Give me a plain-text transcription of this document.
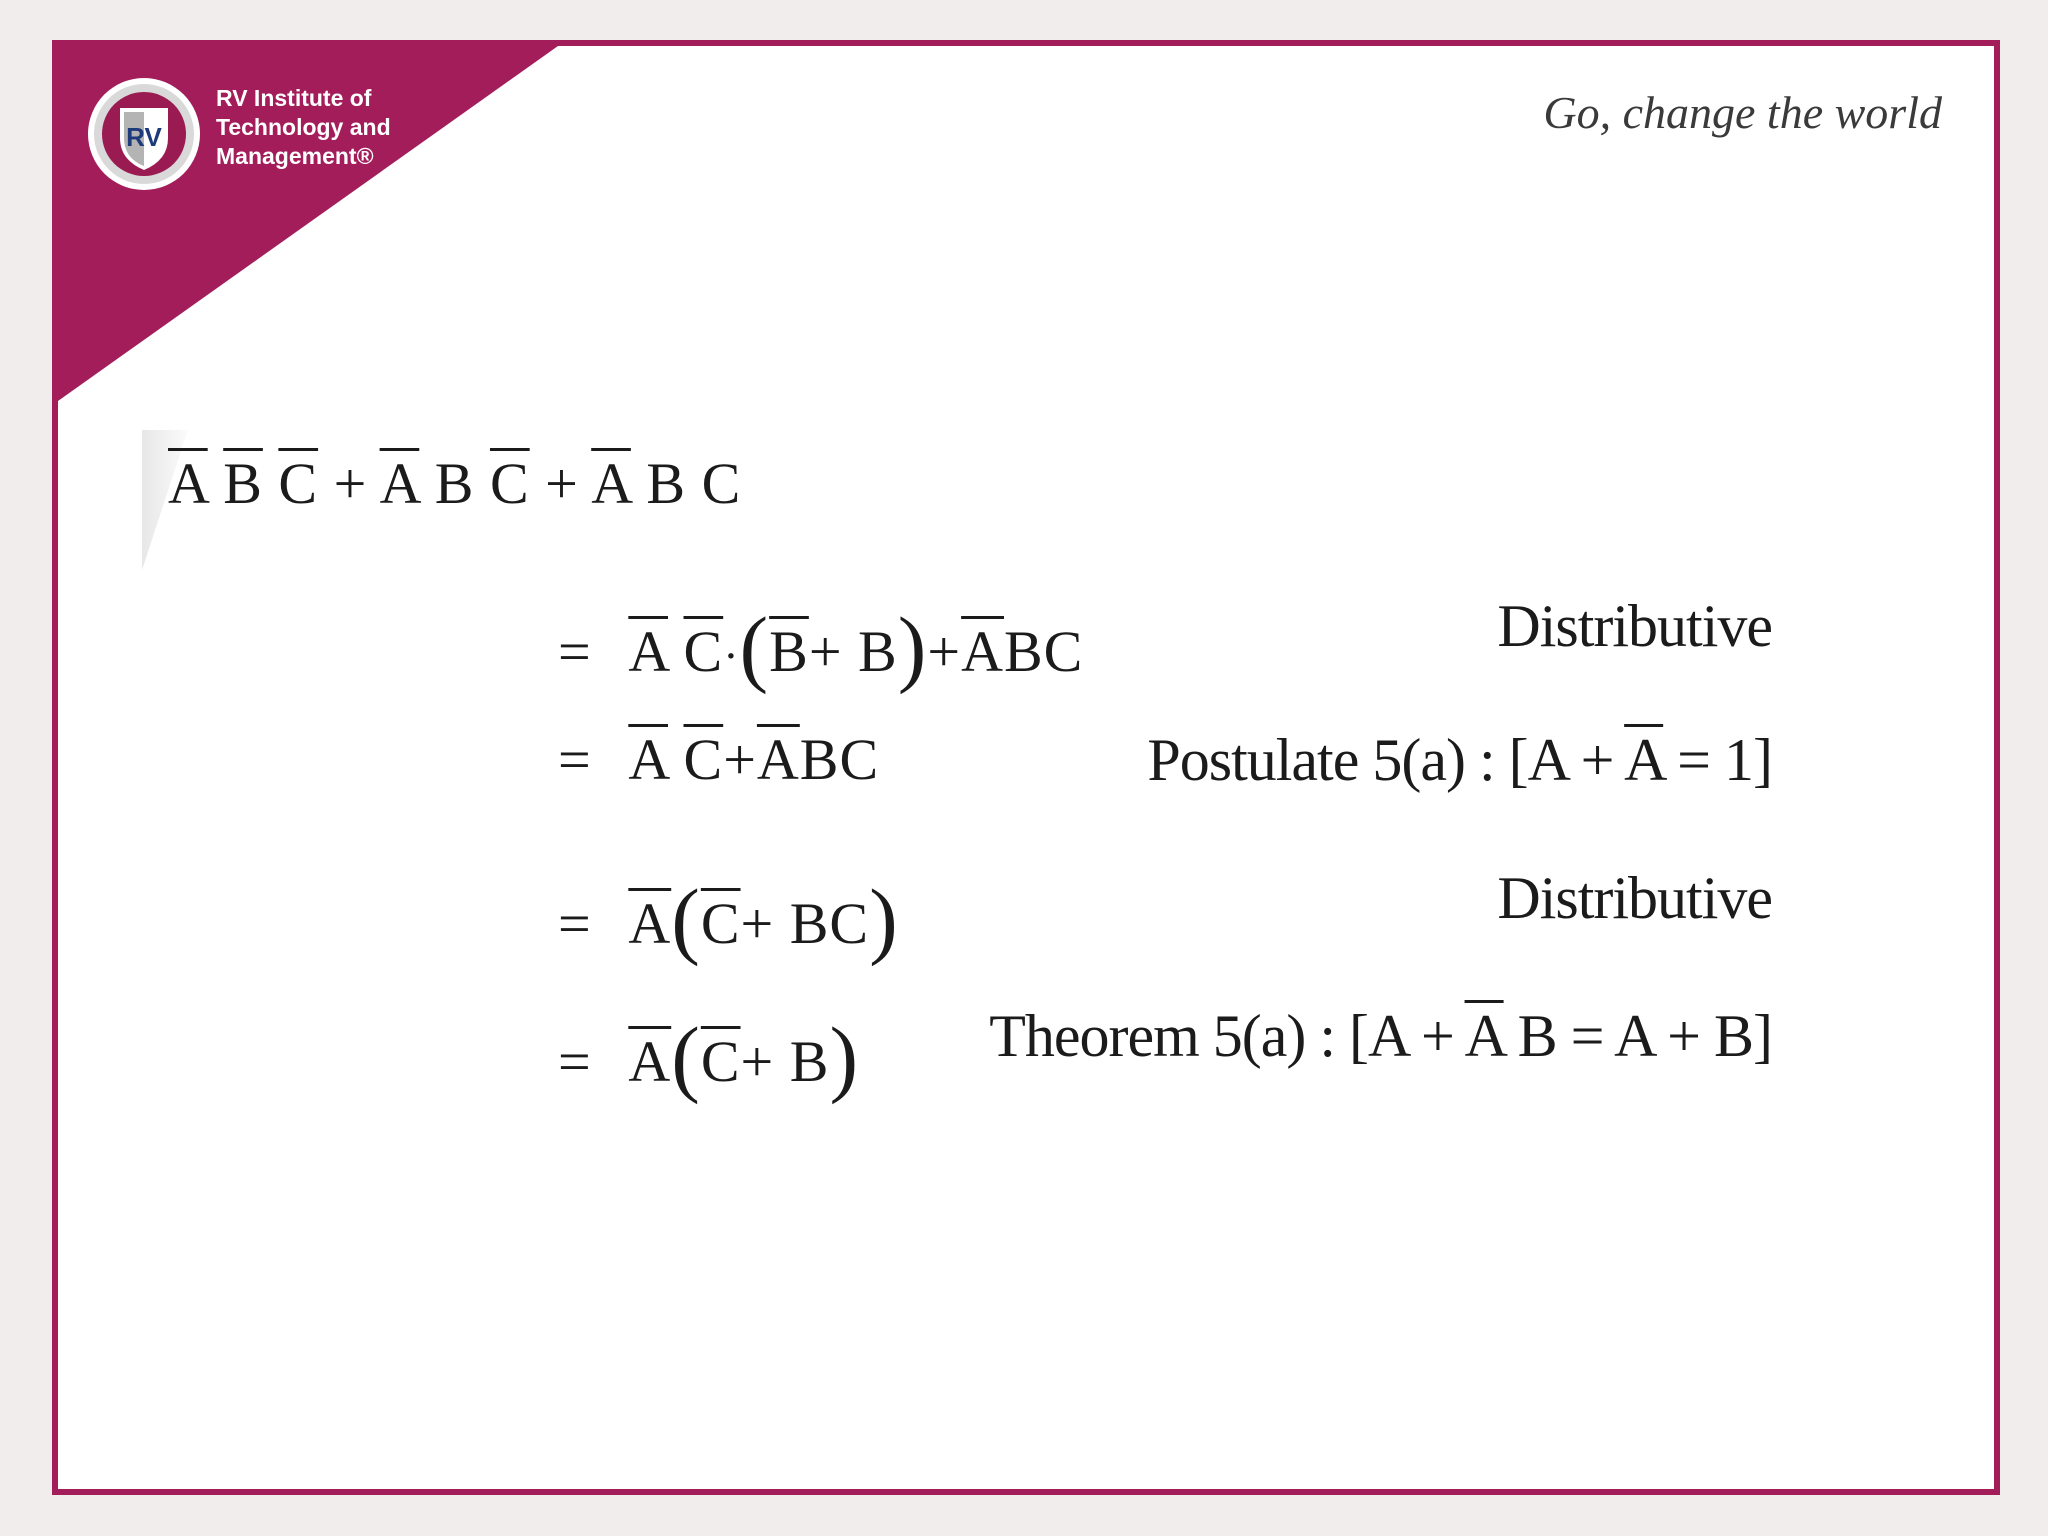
RV
RV Institute of
Technology and
Management®
Go, change the world
$\overline{A}$ $\overline{B}$ $\overline{C} + \overline{A}$ B $\overline{C} + \overline{A}$ B C
= $\overline{A}$ $\overline{C}\cdot(\overline{B}+ B)+\overline{A}BC$	Distributive
= $\overline{A}$ $\overline{C}+\overline{A}BC$	Postulate 5(a) : $[A + \overline{A} = 1]$
= $\overline{A}(\overline{C}+ BC)$	Distributive
= $\overline{A}(\overline{C}+ B)$ Theorem 5(a) : [$A + \overline{A}$ B = A + B]
